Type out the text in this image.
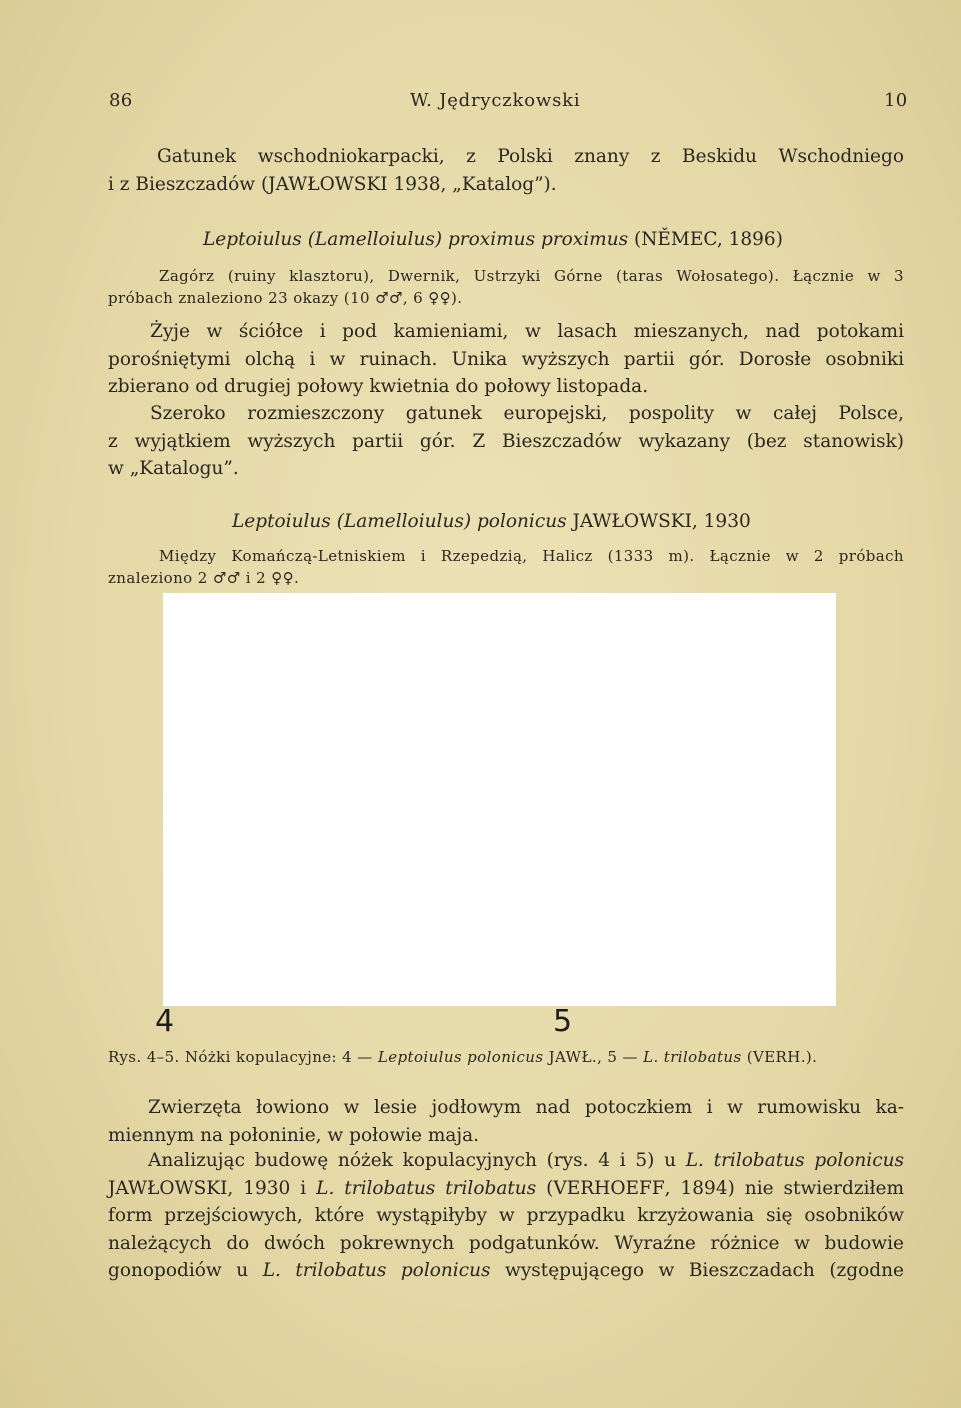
86	W. Jędryczkowski	10
Gatunek wschodniokarpacki, z Polski znany z Beskidu Wschodniego
i z Bieszczadów (JAWŁOWSKI 1938, „Katalog”).
Leptoiulus (Lamelloiulus) proximus proximus (NĚMEC, 1896)
Zagórz (ruiny klasztoru), Dwernik, Ustrzyki Górne (taras Wołosatego). Łącznie w 3
próbach znaleziono 23 okazy (10 ♂♂, 6 ♀♀).
Żyje w ściółce i pod kamieniami, w lasach mieszanych, nad potokami
porośniętymi olchą i w ruinach. Unika wyższych partii gór. Dorosłe osobniki
zbierano od drugiej połowy kwietnia do połowy listopada.
Szeroko rozmieszczony gatunek europejski, pospolity w całej Polsce,
z wyjątkiem wyższych partii gór. Z Bieszczadów wykazany (bez stanowisk)
w „Katalogu”.
Leptoiulus (Lamelloiulus) polonicus JAWŁOWSKI, 1930
Między Komańczą-Letniskiem i Rzepedzią, Halicz (1333 m). Łącznie w 2 próbach
znaleziono 2 ♂♂ i 2 ♀♀.
4	5
Rys. 4–5. Nóżki kopulacyjne: 4 — Leptoiulus polonicus JAWŁ., 5 — L. trilobatus (VERH.).
Zwierzęta łowiono w lesie jodłowym nad potoczkiem i w rumowisku ka-
miennym na połoninie, w połowie maja.
Analizując budowę nóżek kopulacyjnych (rys. 4 i 5) u L. trilobatus polonicus
JAWŁOWSKI, 1930 i L. trilobatus trilobatus (VERHOEFF, 1894) nie stwierdziłem
form przejściowych, które wystąpiłyby w przypadku krzyżowania się osobników
należących do dwóch pokrewnych podgatunków. Wyraźne różnice w budowie
gonopodiów u L. trilobatus polonicus występującego w Bieszczadach (zgodne
